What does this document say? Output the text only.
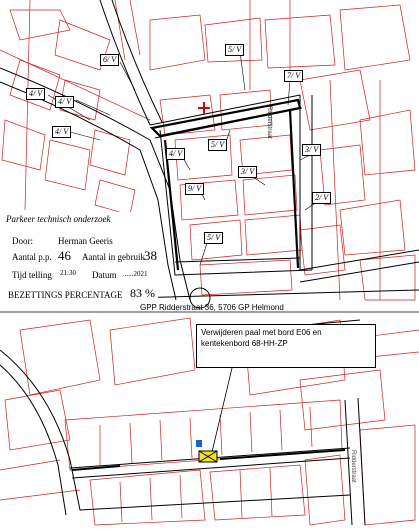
6/ V
5/ V
4/ V
7/ V
4/ V
4/ V
4/ V
5/ V
9/ V
3/ V
3/ V
2/ V
5/ V
Ridderstraat
Ridderstraat
Parkeer technisch onderzoek
Door:	Herman Geeris
Aantal p.p. 46 Aantal in gebruik 38
Tijd telling 21:30 Datum ......2021
BEZETTINGS PERCENTAGE 83 %
GPP Ridderstraat 36, 5706 GP Helmond
Verwijderen paal met bord E06 en
kentekenbord 68-HH-ZP
